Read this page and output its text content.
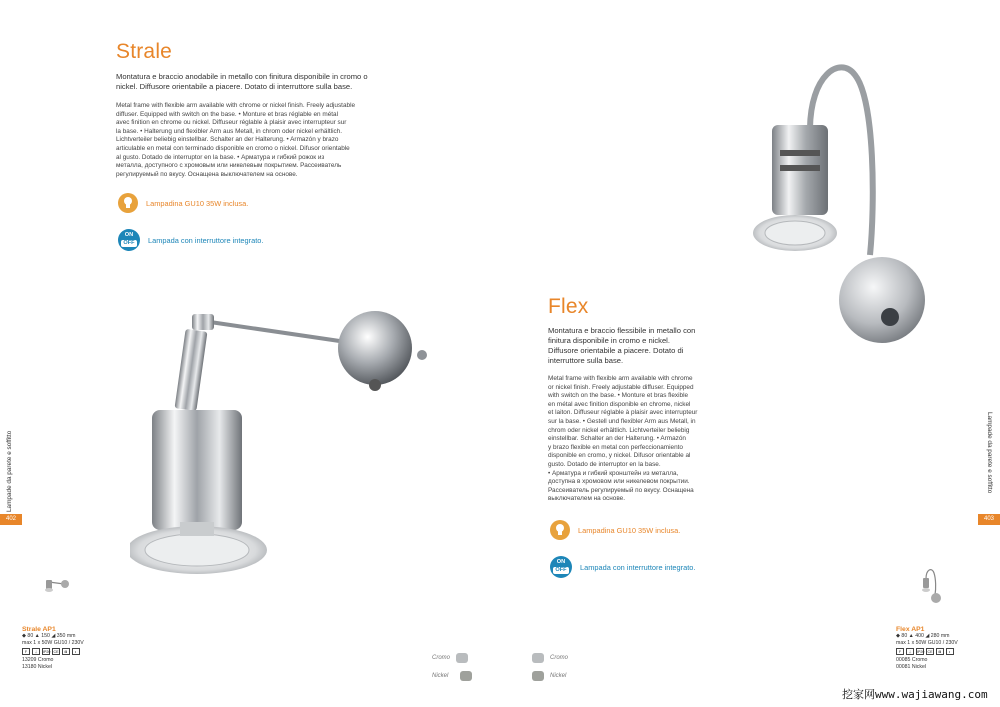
Strale

Montatura e braccio anodabile in metallo con finitura disponibile in cromo o nickel. Diffusore orientabile a piacere. Dotato di interruttore sulla base.

Metal frame with flexible arm available with chrome or nickel finish. Freely adjustable
diffuser. Equipped with switch on the base. • Monture et bras réglable en métal
avec finition en chrome ou nickel. Diffuseur réglable à plaisir avec interrupteur sur
la base. • Halterung und flexibler Arm aus Metall, in chrom oder nickel erhältlich.
Lichtverteiler beliebig einstellbar. Schalter an der Halterung. • Armazón y brazo
articulable en metal con terminado disponible en cromo o nickel. Difusor orientable
al gusto. Dotado de interruptor en la base. • Арматура и гибкий рожок из
металла, доступного с хромовым или никелевым покрытием. Рассеиватель
регулируемый по вкусу. Оснащена выключателем на основе.

Lampadina GU10 35W inclusa.
ON
OFF	Lampada con interruttore integrato.
Strale AP1
◆ 80 ▲ 150 ◢ 350 mm
max 1 x 50W GU10 / 230V
F	⏚	IP20 CE	⊠	◐
13209 Cromo
13180 Nickel
Lampade da parete e soffitto
402
Lampade da parete e soffitto
403
Flex

Montatura e braccio flessibile in metallo con finitura disponibile in cromo e nickel. Diffusore orientabile a piacere. Dotato di interruttore sulla base.

Metal frame with flexible arm available with chrome
or nickel finish. Freely adjustable diffuser. Equipped
with switch on the base. • Monture et bras flexible
en métal avec finition disponible en chrome, nickel
et laiton. Diffuseur réglable à plaisir avec interrupteur
sur la base. • Gestell und flexibler Arm aus Metall, in
chrom oder nickel erhältlich. Lichtverteiler beliebig
einstellbar. Schalter an der Halterung. • Armazón
y brazo flexible en metal con perfeccionamiento
disponible en cromo, y nickel. Difusor orientable al
gusto. Dotado de interruptor en la base.
• Арматура и гибкий кронштейн из металла,
доступна в хромовом или никелевом покрытии.
Рассеиватель регулируемый по вкусу. Оснащена
выключателем на основе.

Lampadina GU10 35W inclusa.
ON
OFF	Lampada con interruttore integrato.
Flex AP1
◆ 80 ▲ 400 ◢ 280 mm
max 1 x 50W GU10 / 230V
F	⏚	IP20 CE	⊠	◐
00085 Cromo
00081 Nickel
Cromo
Nickel
Cromo
Nickel
挖家网www.wajiawang.com
